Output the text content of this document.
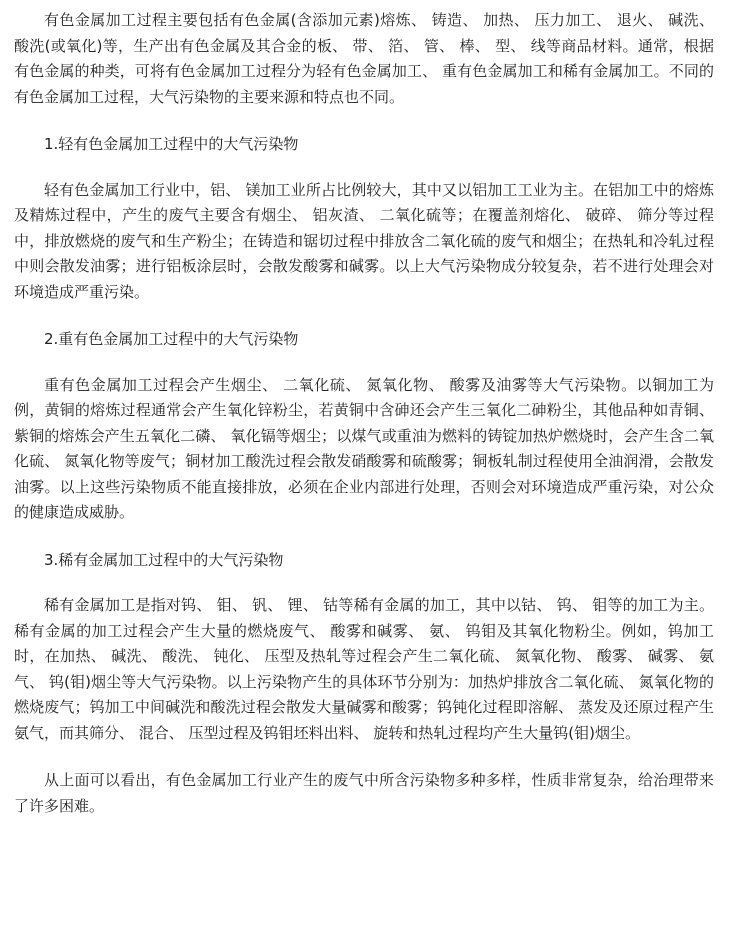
有色金属加工过程主要包括有色金属(含添加元素)熔炼、 铸造、 加热、 压力加工、 退火、 碱洗、 酸洗(或氧化)等，生产出有色金属及其合金的板、 带、 箔、 管、 棒、 型、 线等商品材料。通常，根据有色金属的种类，可将有色金属加工过程分为轻有色金属加工、 重有色金属加工和稀有金属加工。不同的有色金属加工过程，大气污染物的主要来源和特点也不同。

1.轻有色金属加工过程中的大气污染物

轻有色金属加工行业中，铝、 镁加工业所占比例较大，其中又以铝加工工业为主。在铝加工中的熔炼及精炼过程中，产生的废气主要含有烟尘、 铝灰渣、 二氧化硫等；在覆盖剂熔化、 破碎、 筛分等过程中，排放燃烧的废气和生产粉尘；在铸造和锯切过程中排放含二氧化硫的废气和烟尘；在热轧和冷轧过程中则会散发油雾；进行铝板涂层时，会散发酸雾和碱雾。以上大气污染物成分较复杂，若不进行处理会对环境造成严重污染。

2.重有色金属加工过程中的大气污染物

重有色金属加工过程会产生烟尘、 二氧化硫、 氮氧化物、 酸雾及油雾等大气污染物。以铜加工为例，黄铜的熔炼过程通常会产生氧化锌粉尘，若黄铜中含砷还会产生三氧化二砷粉尘，其他品种如青铜、 紫铜的熔炼会产生五氧化二磷、 氧化镉等烟尘；以煤气或重油为燃料的铸锭加热炉燃烧时，会产生含二氧化硫、 氮氧化物等废气；铜材加工酸洗过程会散发硝酸雾和硫酸雾；铜板轧制过程使用全油润滑，会散发油雾。以上这些污染物质不能直接排放，必须在企业内部进行处理，否则会对环境造成严重污染，对公众的健康造成威胁。

3.稀有金属加工过程中的大气污染物

稀有金属加工是指对钨、 钼、 钒、 锂、 钴等稀有金属的加工，其中以钴、 钨、 钼等的加工为主。稀有金属的加工过程会产生大量的燃烧废气、 酸雾和碱雾、 氨、 钨钼及其氧化物粉尘。例如，钨加工时，在加热、 碱洗、 酸洗、 钝化、 压型及热轧等过程会产生二氧化硫、 氮氧化物、 酸雾、 碱雾、 氨气、 钨(钼)烟尘等大气污染物。以上污染物产生的具体环节分别为：加热炉排放含二氧化硫、 氮氧化物的燃烧废气；钨加工中间碱洗和酸洗过程会散发大量碱雾和酸雾；钨钝化过程即溶解、 蒸发及还原过程产生氨气，而其筛分、 混合、 压型过程及钨钼坯料出料、 旋转和热轧过程均产生大量钨(钼)烟尘。

从上面可以看出，有色金属加工行业产生的废气中所含污染物多种多样，性质非常复杂，给治理带来了许多困难。
